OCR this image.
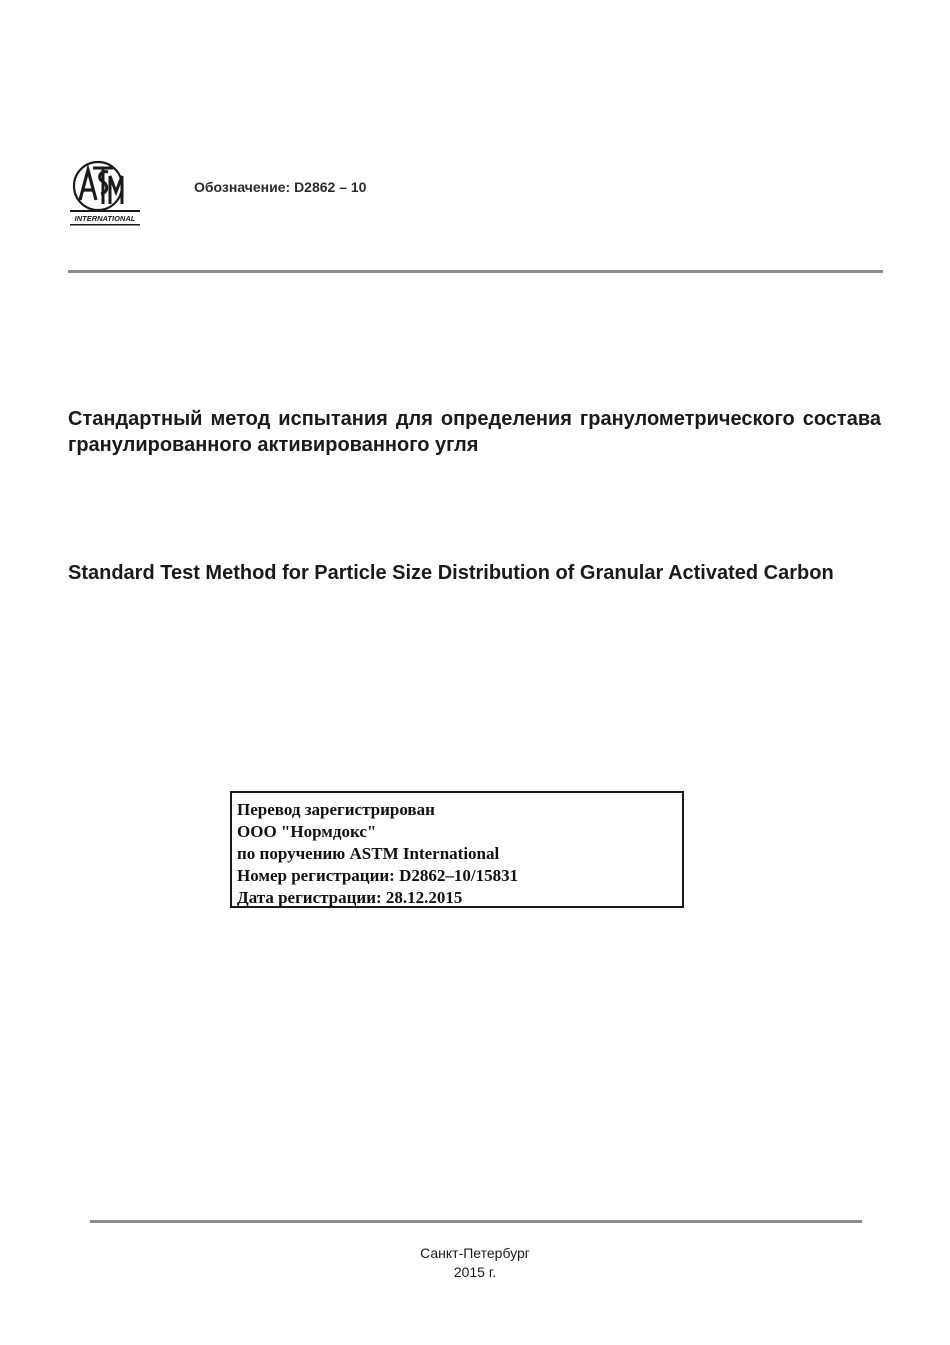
INTERNATIONAL
Обозначение: D2862 – 10
Стандартный метод испытания для определения гранулометрического состава гранулированного активированного угля
Standard Test Method for Particle Size Distribution of Granular Activated Carbon
Перевод зарегистрирован
ООО "Нормдокс"
по поручению ASTM International
Номер регистрации: D2862–10/15831
Дата регистрации: 28.12.2015
Санкт-Петербург
2015 г.
